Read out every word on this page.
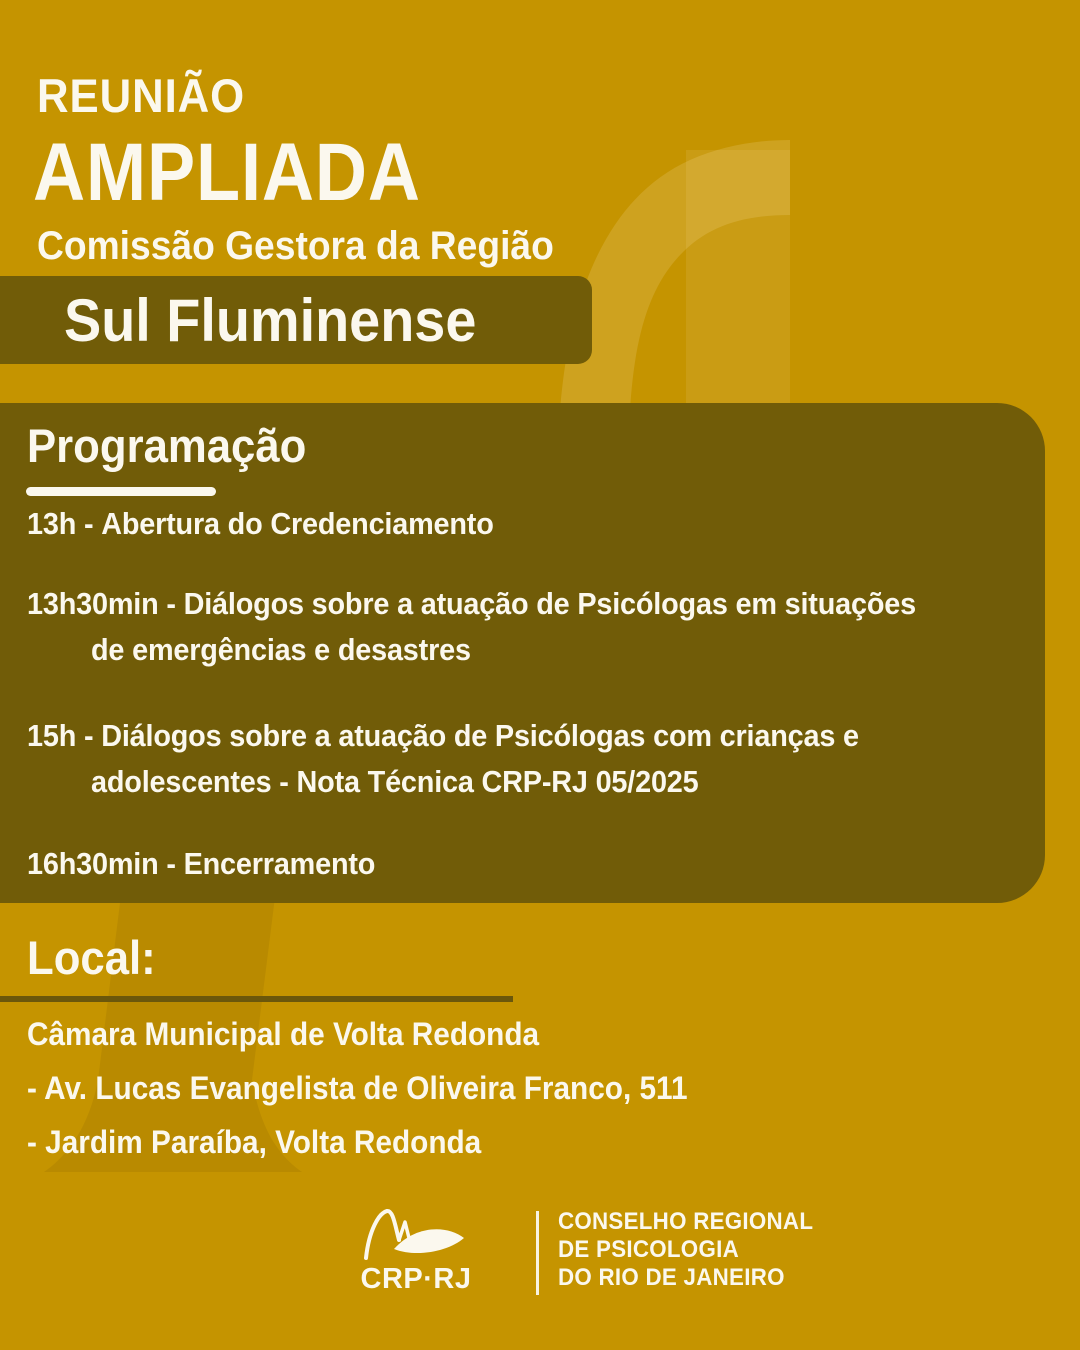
REUNIÃO
AMPLIADA
Comissão Gestora da Região
Sul Fluminense
Programação
13h - Abertura do Credenciamento
13h30min - Diálogos sobre a atuação de Psicólogas em situações
de emergências e desastres
15h - Diálogos sobre a atuação de Psicólogas com crianças e
adolescentes - Nota Técnica CRP-RJ 05/2025
16h30min - Encerramento
Local:
Câmara Municipal de Volta Redonda
- Av. Lucas Evangelista de Oliveira Franco, 511
- Jardim Paraíba, Volta Redonda
CRP·RJ
CONSELHO REGIONAL
DE PSICOLOGIA
DO RIO DE JANEIRO
